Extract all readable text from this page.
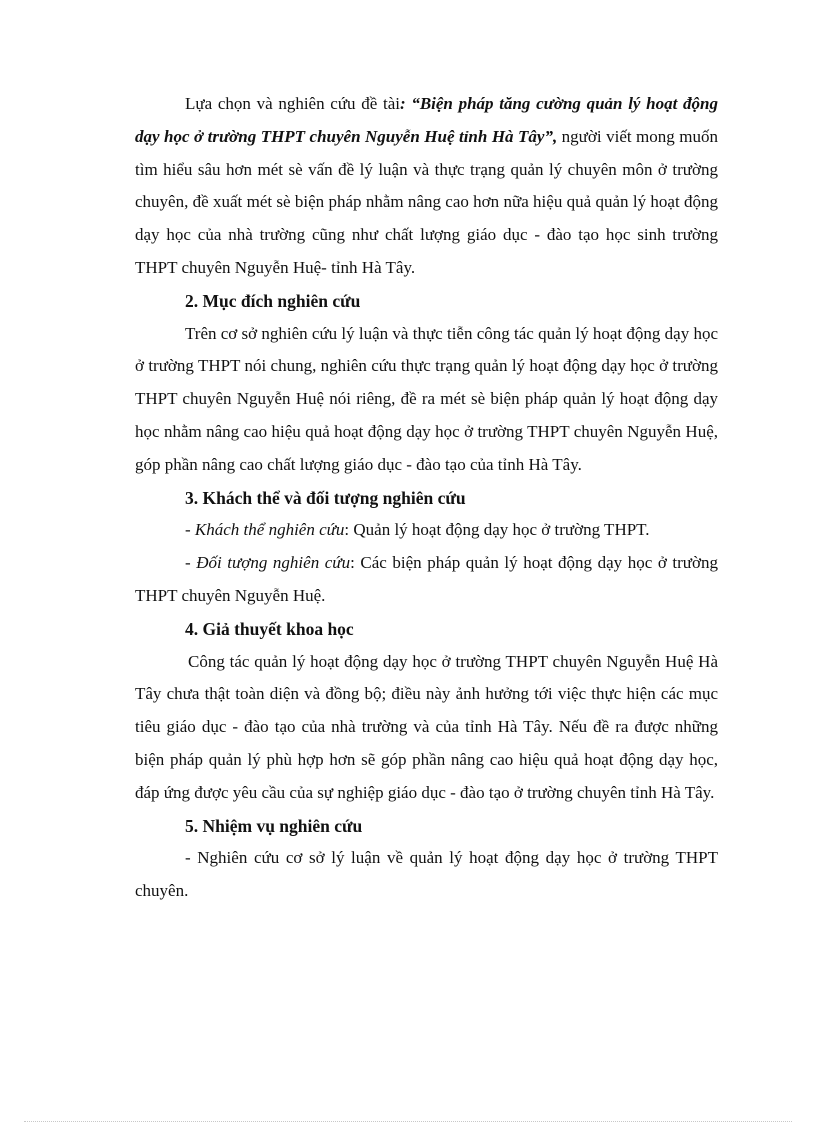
Lựa chọn và nghiên cứu đề tài: “Biện pháp tăng cường quản lý hoạt động dạy học ở trường THPT chuyên Nguyễn Huệ tỉnh Hà Tây”, người viết mong muốn tìm hiểu sâu hơn mét sè vấn đề lý luận và thực trạng quản lý chuyên môn ở trường chuyên, đề xuất mét sè biện pháp nhằm nâng cao hơn nữa hiệu quả quản lý hoạt động dạy học của nhà trường cũng như chất lượng giáo dục - đào tạo học sinh trường THPT chuyên Nguyễn Huệ- tỉnh Hà Tây.

2. Mục đích nghiên cứu

Trên cơ sở nghiên cứu lý luận và thực tiễn công tác quản lý hoạt động dạy học ở trường THPT nói chung, nghiên cứu thực trạng quản lý hoạt động dạy học ở trường THPT chuyên Nguyễn Huệ nói riêng, đề ra mét sè biện pháp quản lý hoạt động dạy học nhằm nâng cao hiệu quả hoạt động dạy học ở trường THPT chuyên Nguyễn Huệ, góp phần nâng cao chất lượng giáo dục - đào tạo của tỉnh Hà Tây.

3. Khách thể và đối tượng nghiên cứu

- Khách thể nghiên cứu: Quản lý hoạt động dạy học ở trường THPT.

- Đối tượng nghiên cứu: Các biện pháp quản lý hoạt động dạy học ở trường THPT chuyên Nguyễn Huệ.

4. Giả thuyết khoa học

Công tác quản lý hoạt động dạy học ở trường THPT chuyên Nguyễn Huệ Hà Tây chưa thật toàn diện và đồng bộ; điều này ảnh hưởng tới việc thực hiện các mục tiêu giáo dục - đào tạo của nhà trường và của tỉnh Hà Tây. Nếu đề ra được những biện pháp quản lý phù hợp hơn sẽ góp phần nâng cao hiệu quả hoạt động dạy học, đáp ứng được yêu cầu của sự nghiệp giáo dục - đào tạo ở trường chuyên tỉnh Hà Tây.

5. Nhiệm vụ nghiên cứu

- Nghiên cứu cơ sở lý luận về quản lý hoạt động dạy học ở trường THPT chuyên.
